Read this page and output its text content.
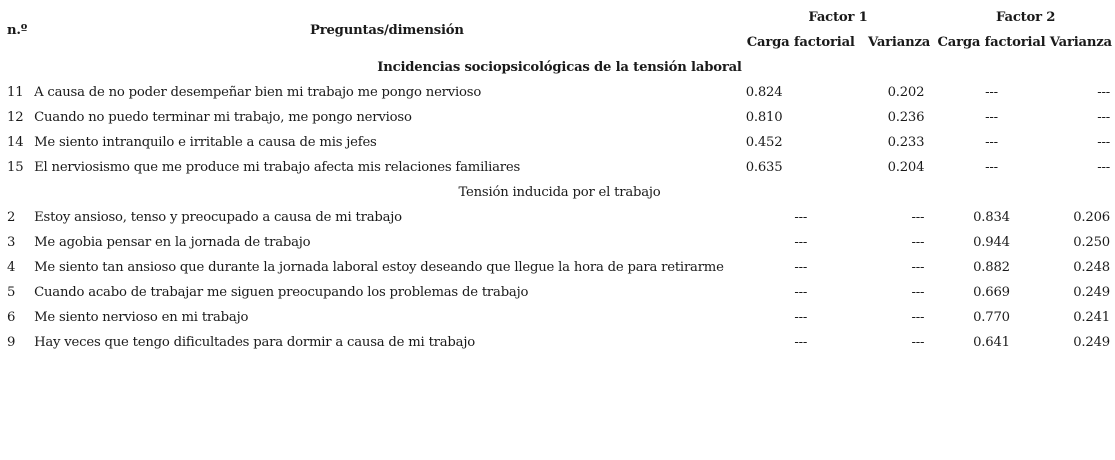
n.º	Preguntas/dimensión	Factor 1		Factor 2	
		Carga factorial	Varianza	Carga factorial	Varianza
Incidencias sociopsicológicas de la tensión laboral					
11	A causa de no poder desempeñar bien mi trabajo me pongo nervioso	0.824	0.202	---	---
12	Cuando no puedo terminar mi trabajo, me pongo nervioso	0.810	0.236	---	---
14	Me siento intranquilo e irritable a causa de mis jefes	0.452	0.233	---	---
15	El nerviosismo que me produce mi trabajo afecta mis relaciones familiares	0.635	0.204	---	---
Tensión inducida por el trabajo					
2	Estoy ansioso, tenso y preocupado a causa de mi trabajo	---	---	0.834	0.206
3	Me agobia pensar en la jornada de trabajo	---	---	0.944	0.250
4	Me siento tan ansioso que durante la jornada laboral estoy deseando que llegue la hora de para retirarme	---	---	0.882	0.248
5	Cuando acabo de trabajar me siguen preocupando los problemas de trabajo	---	---	0.669	0.249
6	Me siento nervioso en mi trabajo	---	---	0.770	0.241
9	Hay veces que tengo dificultades para dormir a causa de mi trabajo	---	---	0.641	0.249
